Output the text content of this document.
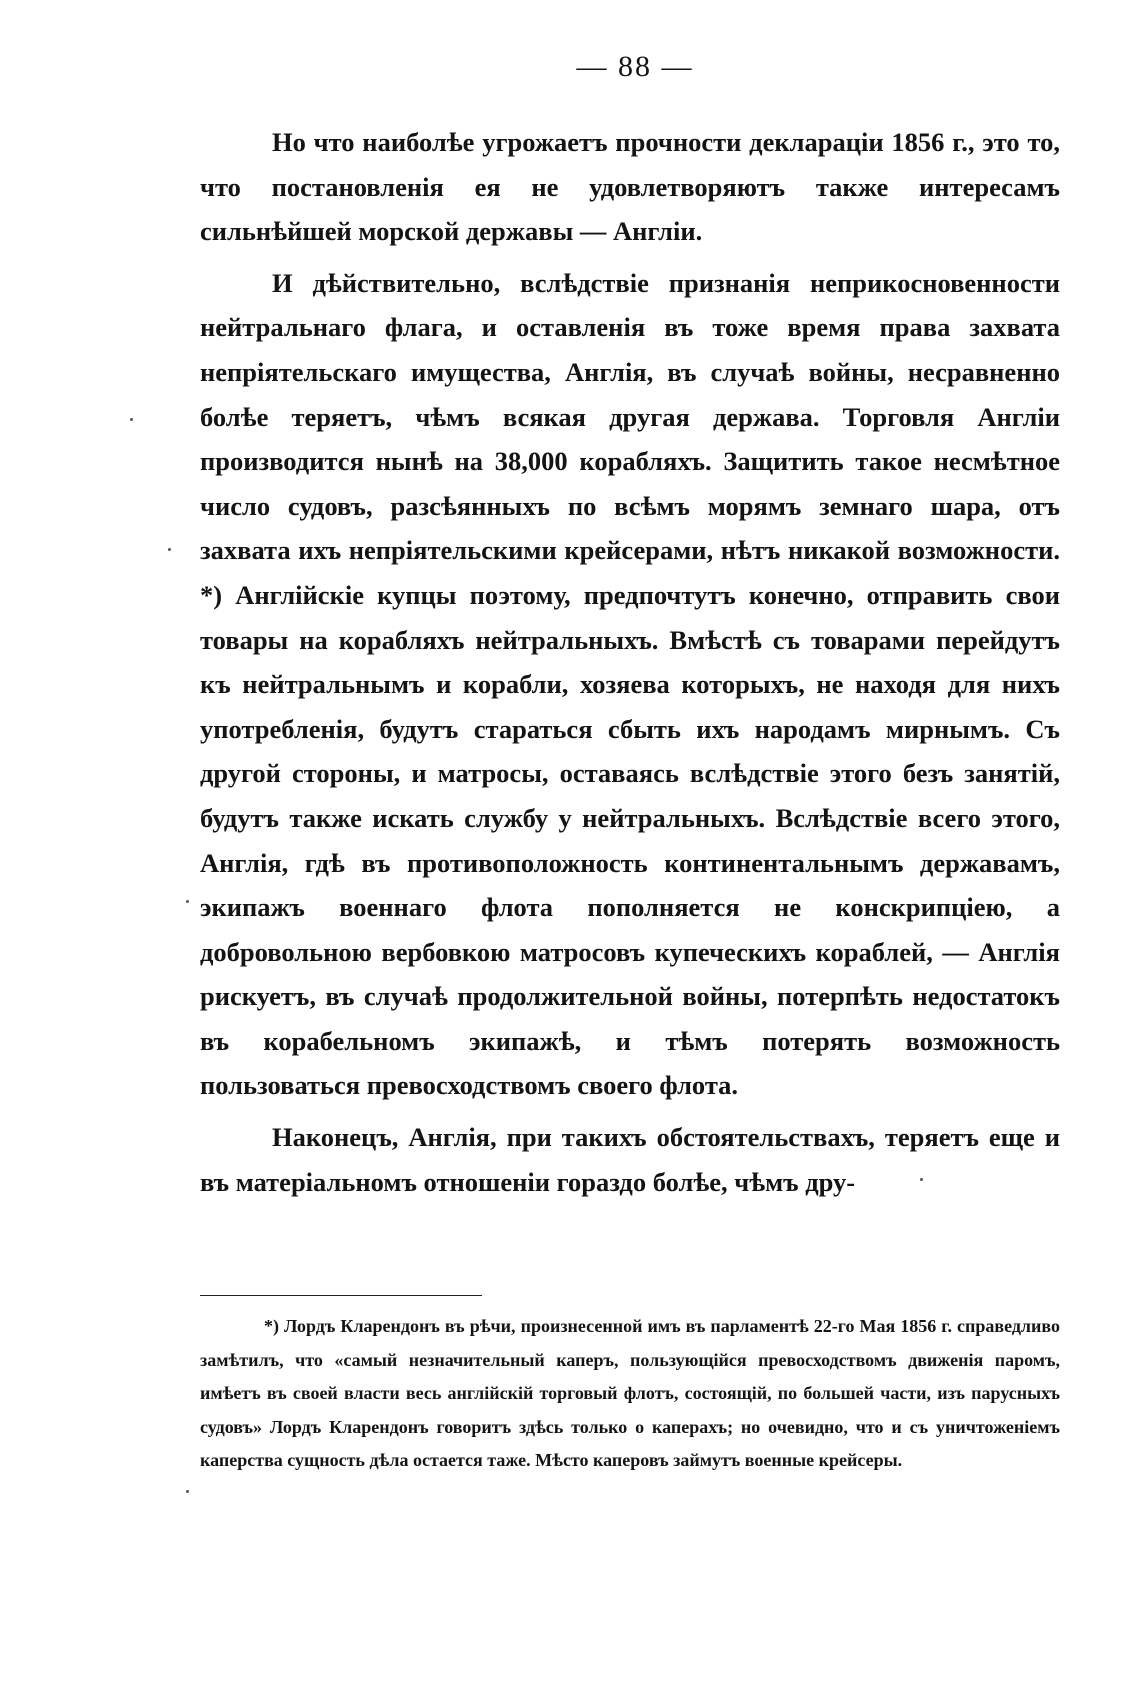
— 88 —

Но что наиболѣе угрожаетъ прочности декларацiи 1856 г., это то, что постановленiя ея не удовлетворяютъ также интересамъ сильнѣйшей морской державы — Англiи.

И дѣйствительно, вслѣдствiе признанiя неприкосновенности нейтральнаго флага, и оставленiя въ тоже время права захвата непрiятельскаго имущества, Англiя, въ случаѣ войны, несравненно болѣе теряетъ, чѣмъ всякая другая держава. Торговля Англiи производится нынѣ на 38,000 корабляхъ. Защитить такое несмѣтное число судовъ, разсѣянныхъ по всѣмъ морямъ земнаго шара, отъ захвата ихъ непрiятельскими крейсерами, нѣтъ никакой возможности. *) Англiйскiе купцы поэтому, предпочтутъ конечно, отправить свои товары на корабляхъ нейтральныхъ. Вмѣстѣ съ товарами перейдутъ къ нейтральнымъ и корабли, хозяева которыхъ, не находя для нихъ употребленiя, будутъ стараться сбыть ихъ народамъ мирнымъ. Съ другой стороны, и матросы, оставаясь вслѣдствiе этого безъ занятiй, будутъ также искать службу у нейтральныхъ. Вслѣдствiе всего этого, Англiя, гдѣ въ противоположность континентальнымъ державамъ, экипажъ военнаго флота пополняется не конскрипцiею, а добровольною вербовкою матросовъ купеческихъ кораблей, — Англiя рискуетъ, въ случаѣ продолжительной войны, потерпѣть недостатокъ въ корабельномъ экипажѣ, и тѣмъ потерять возможность пользоваться превосходствомъ своего флота.

Наконецъ, Англiя, при такихъ обстоятельствахъ, теряетъ еще и въ матерiальномъ отношенiи гораздо болѣе, чѣмъ дру-

*) Лордъ Кларендонъ въ рѣчи, произнесенной имъ въ парламентѣ 22-го Мая 1856 г. справедливо замѣтилъ, что «самый незначительный каперъ, пользующiйся превосходствомъ движенiя паромъ, имѣетъ въ своей власти весь англiйскiй торговый флотъ, состоящiй, по большей части, изъ парусныхъ судовъ» Лордъ Кларендонъ говоритъ здѣсь только о каперахъ; но очевидно, что и съ уничтоженiемъ каперства сущность дѣла остается таже. Мѣсто каперовъ займутъ военные крейсеры.
